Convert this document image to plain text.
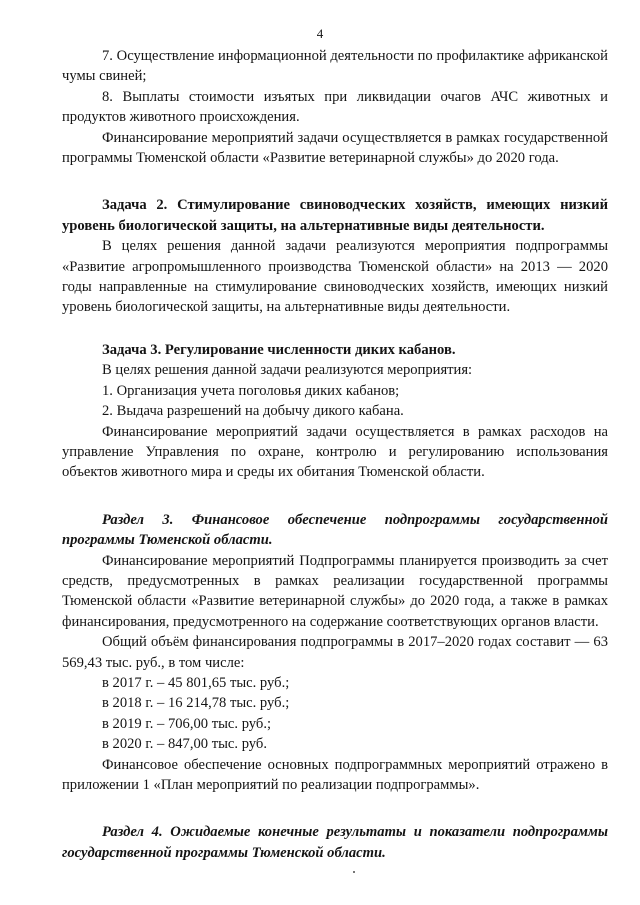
4

7. Осуществление информационной деятельности по профилактике африканской чумы свиней;

8. Выплаты стоимости изъятых при ликвидации очагов АЧС животных и продуктов животного происхождения.

Финансирование мероприятий задачи осуществляется в рамках государственной программы Тюменской области «Развитие ветеринарной службы» до 2020 года.

Задача 2. Стимулирование свиноводческих хозяйств, имеющих низкий уровень биологической защиты, на альтернативные виды деятельности.

В целях решения данной задачи реализуются мероприятия подпрограммы «Развитие агропромышленного производства Тюменской области» на 2013 — 2020 годы направленные на стимулирование свиноводческих хозяйств, имеющих низкий уровень биологической защиты, на альтернативные виды деятельности.

Задача 3. Регулирование численности диких кабанов.

В целях решения данной задачи реализуются мероприятия:

1. Организация учета поголовья диких кабанов;

2. Выдача разрешений на добычу дикого кабана.

Финансирование мероприятий задачи осуществляется в рамках расходов на управление Управления по охране, контролю и регулированию использования объектов животного мира и среды их обитания Тюменской области.

Раздел 3. Финансовое обеспечение подпрограммы государственной программы Тюменской области.

Финансирование мероприятий Подпрограммы планируется производить за счет средств, предусмотренных в рамках реализации государственной программы Тюменской области «Развитие ветеринарной службы» до 2020 года, а также в рамках финансирования, предусмотренного на содержание соответствующих органов власти.

Общий объём финансирования подпрограммы в 2017–2020 годах составит — 63 569,43 тыс. руб., в том числе:

в 2017 г. – 45 801,65 тыс. руб.;

в 2018 г. – 16 214,78 тыс. руб.;

в 2019 г. – 706,00 тыс. руб.;

в 2020 г. – 847,00 тыс. руб.

Финансовое обеспечение основных подпрограммных мероприятий отражено в приложении 1 «План мероприятий по реализации подпрограммы».

Раздел 4. Ожидаемые конечные результаты и показатели подпрограммы государственной программы Тюменской области.
